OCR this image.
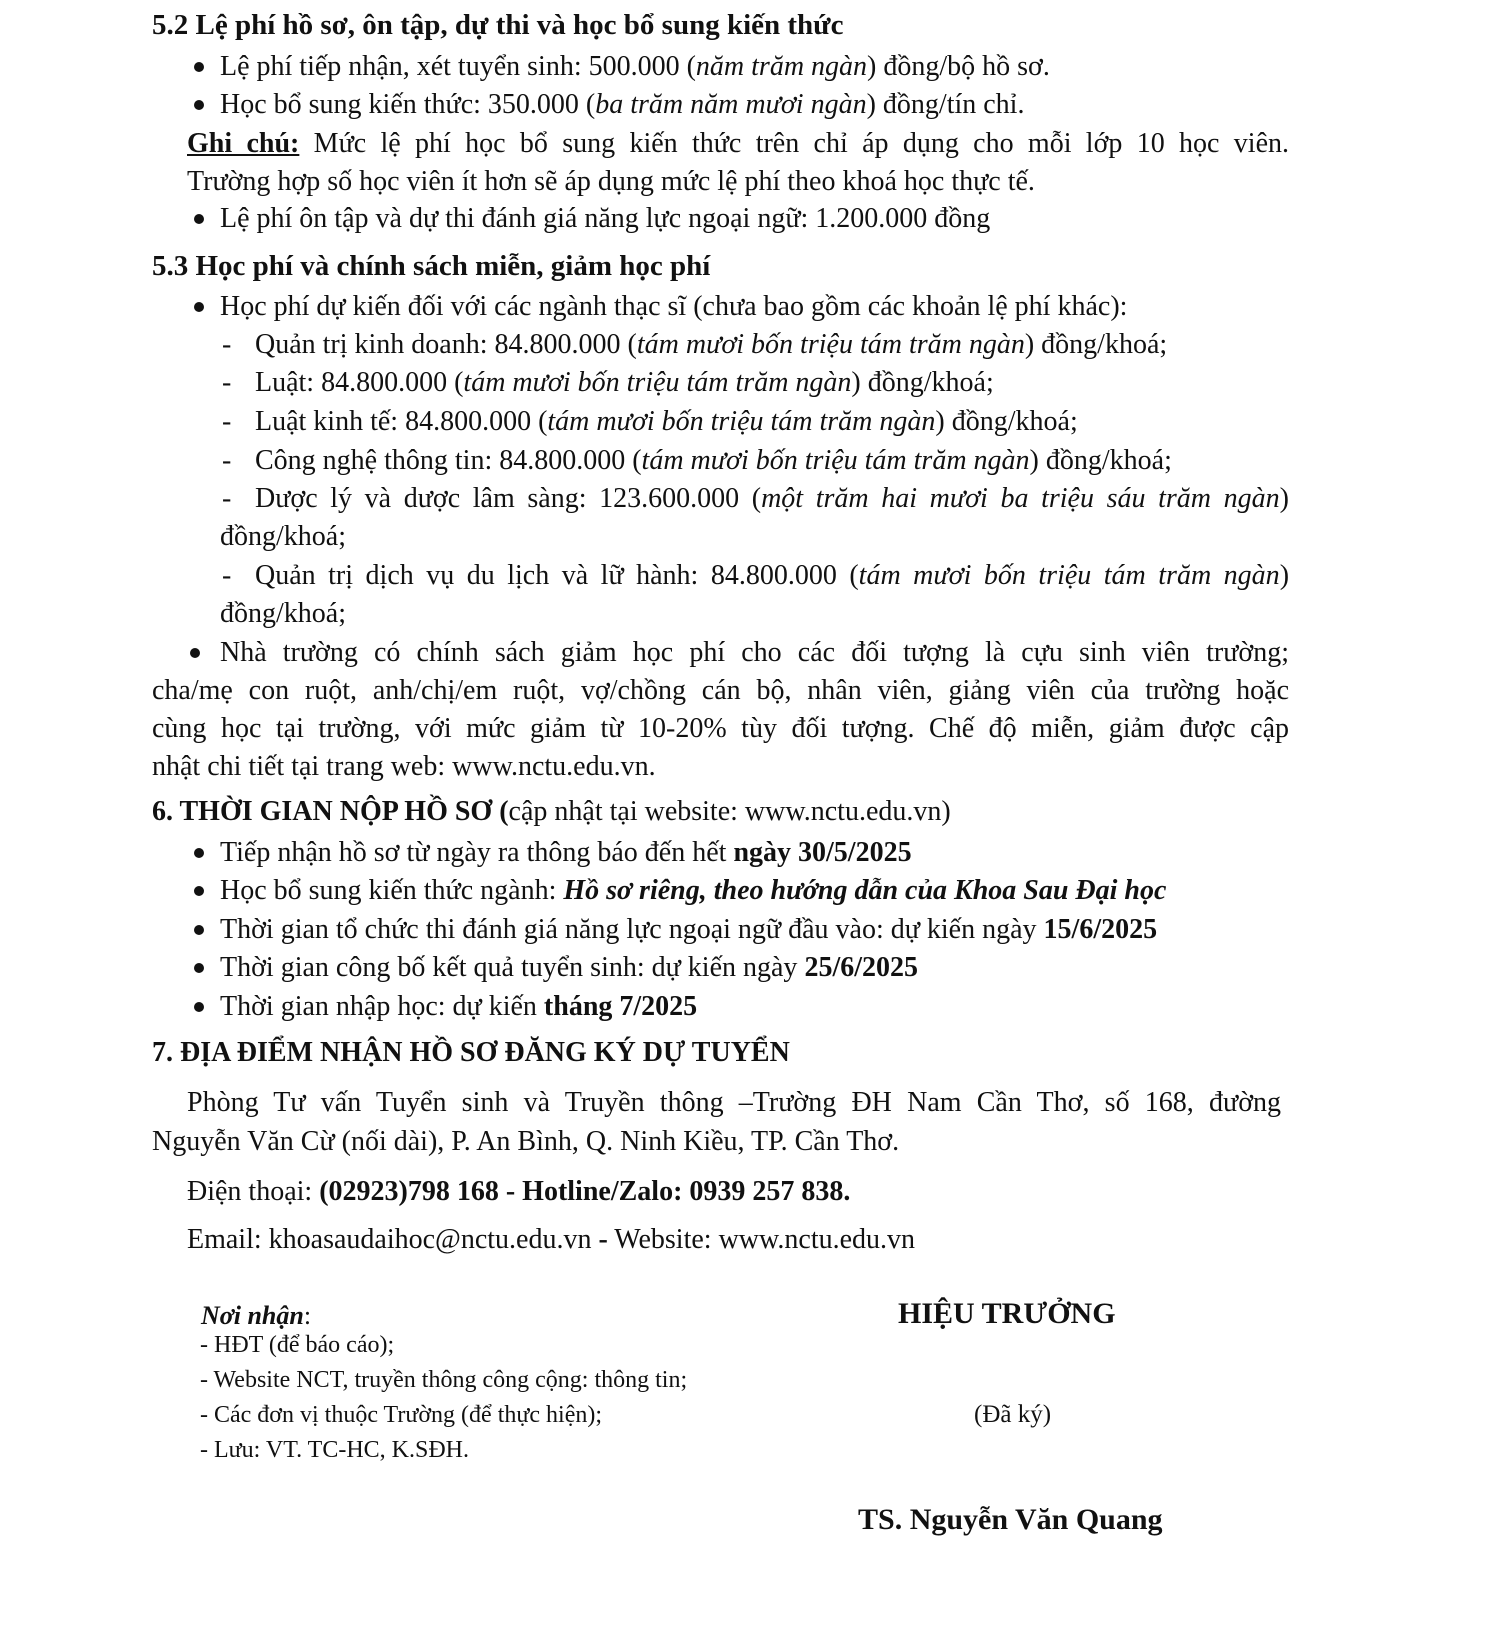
5.2 Lệ phí hồ sơ, ôn tập, dự thi và học bổ sung kiến thức
Lệ phí tiếp nhận, xét tuyển sinh: 500.000 (năm trăm ngàn) đồng/bộ hồ sơ.
Học bổ sung kiến thức: 350.000 (ba trăm năm mươi ngàn) đồng/tín chỉ.
Ghi chú: Mức lệ phí học bổ sung kiến thức trên chỉ áp dụng cho mỗi lớp 10 học viên.
Trường hợp số học viên ít hơn sẽ áp dụng mức lệ phí theo khoá học thực tế.
Lệ phí ôn tập và dự thi đánh giá năng lực ngoại ngữ: 1.200.000 đồng
5.3 Học phí và chính sách miễn, giảm học phí
Học phí dự kiến đối với các ngành thạc sĩ (chưa bao gồm các khoản lệ phí khác):
- Quản trị kinh doanh: 84.800.000 (tám mươi bốn triệu tám trăm ngàn) đồng/khoá;
- Luật: 84.800.000 (tám mươi bốn triệu tám trăm ngàn) đồng/khoá;
- Luật kinh tế: 84.800.000 (tám mươi bốn triệu tám trăm ngàn) đồng/khoá;
- Công nghệ thông tin: 84.800.000 (tám mươi bốn triệu tám trăm ngàn) đồng/khoá;
- Dược lý và dược lâm sàng: 123.600.000 (một trăm hai mươi ba triệu sáu trăm ngàn)
đồng/khoá;
- Quản trị dịch vụ du lịch và lữ hành: 84.800.000 (tám mươi bốn triệu tám trăm ngàn)
đồng/khoá;
Nhà trường có chính sách giảm học phí cho các đối tượng là cựu sinh viên trường;
cha/mẹ con ruột, anh/chị/em ruột, vợ/chồng cán bộ, nhân viên, giảng viên của trường hoặc
cùng học tại trường, với mức giảm từ 10-20% tùy đối tượng. Chế độ miễn, giảm được cập
nhật chi tiết tại trang web: www.nctu.edu.vn.
6. THỜI GIAN NỘP HỒ SƠ (cập nhật tại website: www.nctu.edu.vn)
Tiếp nhận hồ sơ từ ngày ra thông báo đến hết ngày 30/5/2025
Học bổ sung kiến thức ngành: Hồ sơ riêng, theo hướng dẫn của Khoa Sau Đại học
Thời gian tổ chức thi đánh giá năng lực ngoại ngữ đầu vào: dự kiến ngày 15/6/2025
Thời gian công bố kết quả tuyển sinh: dự kiến ngày 25/6/2025
Thời gian nhập học: dự kiến tháng 7/2025
7. ĐỊA ĐIỂM NHẬN HỒ SƠ ĐĂNG KÝ DỰ TUYỂN
Phòng Tư vấn Tuyển sinh và Truyền thông –Trường ĐH Nam Cần Thơ, số 168, đường
Nguyễn Văn Cừ (nối dài), P. An Bình, Q. Ninh Kiều, TP. Cần Thơ.
Điện thoại: (02923)798 168 - Hotline/Zalo: 0939 257 838.
Email: khoasaudaihoc@nctu.edu.vn - Website: www.nctu.edu.vn
Nơi nhận:
- HĐT (để báo cáo);
- Website NCT, truyền thông công cộng: thông tin;
- Các đơn vị thuộc Trường (để thực hiện);
- Lưu: VT. TC-HC, K.SĐH.
HIỆU TRƯỞNG
(Đã ký)
TS. Nguyễn Văn Quang
